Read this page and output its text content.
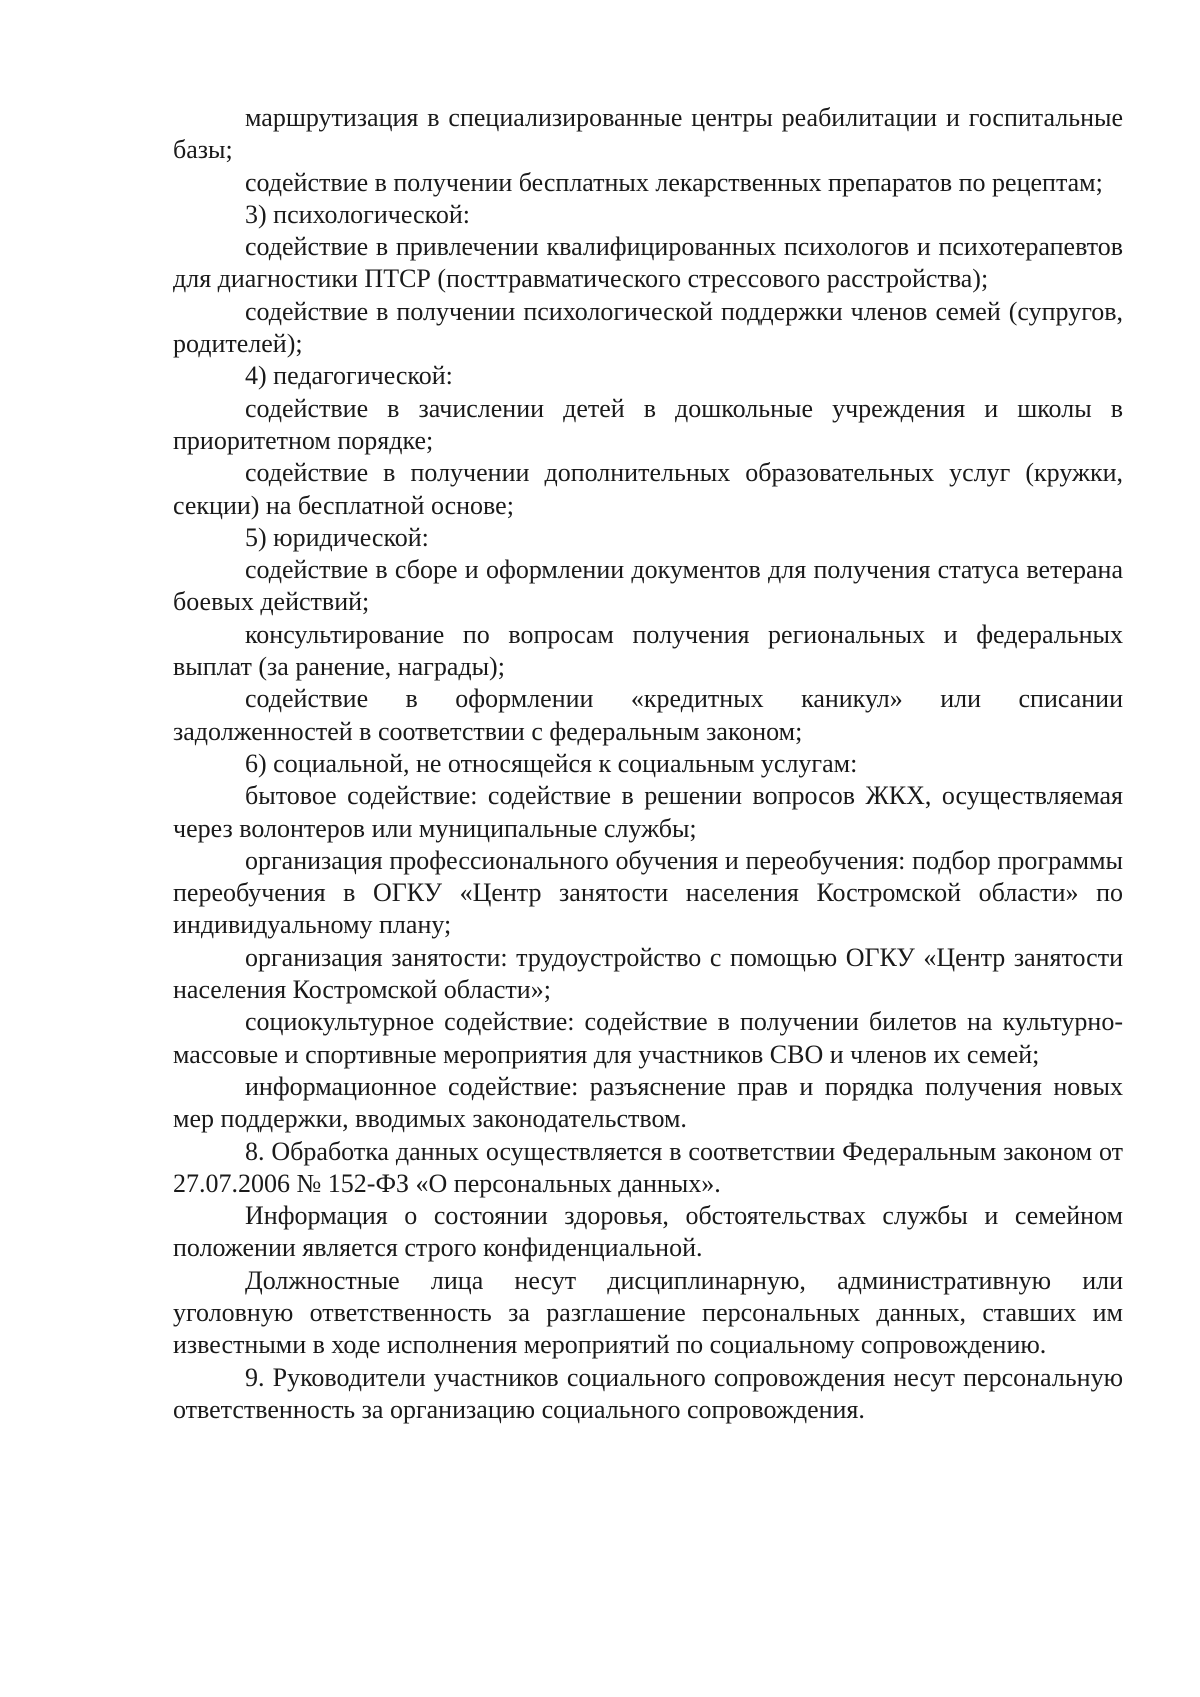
маршрутизация в специализированные центры реабилитации и госпитальные базы;

содействие в получении бесплатных лекарственных препаратов по рецептам;

3) психологической:

содействие в привлечении квалифицированных психологов и психотерапевтов для диагностики ПТСР (посттравматического стрессового расстройства);

содействие в получении психологической поддержки членов семей (супругов, родителей);

4) педагогической:

содействие в зачислении детей в дошкольные учреждения и школы в приоритетном порядке;

содействие в получении дополнительных образовательных услуг (кружки, секции) на бесплатной основе;

5) юридической:

содействие в сборе и оформлении документов для получения статуса ветерана боевых действий;

консультирование по вопросам получения региональных и федеральных выплат (за ранение, награды);

содействие в оформлении «кредитных каникул» или списании задолженностей в соответствии с федеральным законом;

6) социальной, не относящейся к социальным услугам:

бытовое содействие: содействие в решении вопросов ЖКХ, осуществляемая через волонтеров или муниципальные службы;

организация профессионального обучения и переобучения: подбор программы переобучения в ОГКУ «Центр занятости населения Костромской области» по индивидуальному плану;

организация занятости: трудоустройство с помощью ОГКУ «Центр занятости населения Костромской области»;

социокультурное содействие: содействие в получении билетов на культурно-массовые и спортивные мероприятия для участников СВО и членов их семей;

информационное содействие: разъяснение прав и порядка получения новых мер поддержки, вводимых законодательством.

8. Обработка данных осуществляется в соответствии Федеральным законом от 27.07.2006 № 152-ФЗ «О персональных данных».

Информация о состоянии здоровья, обстоятельствах службы и семейном положении является строго конфиденциальной.

Должностные лица несут дисциплинарную, административную или уголовную ответственность за разглашение персональных данных, ставших им известными в ходе исполнения мероприятий по социальному сопровождению.

9. Руководители участников социального сопровождения несут персональную ответственность за организацию социального сопровождения.
